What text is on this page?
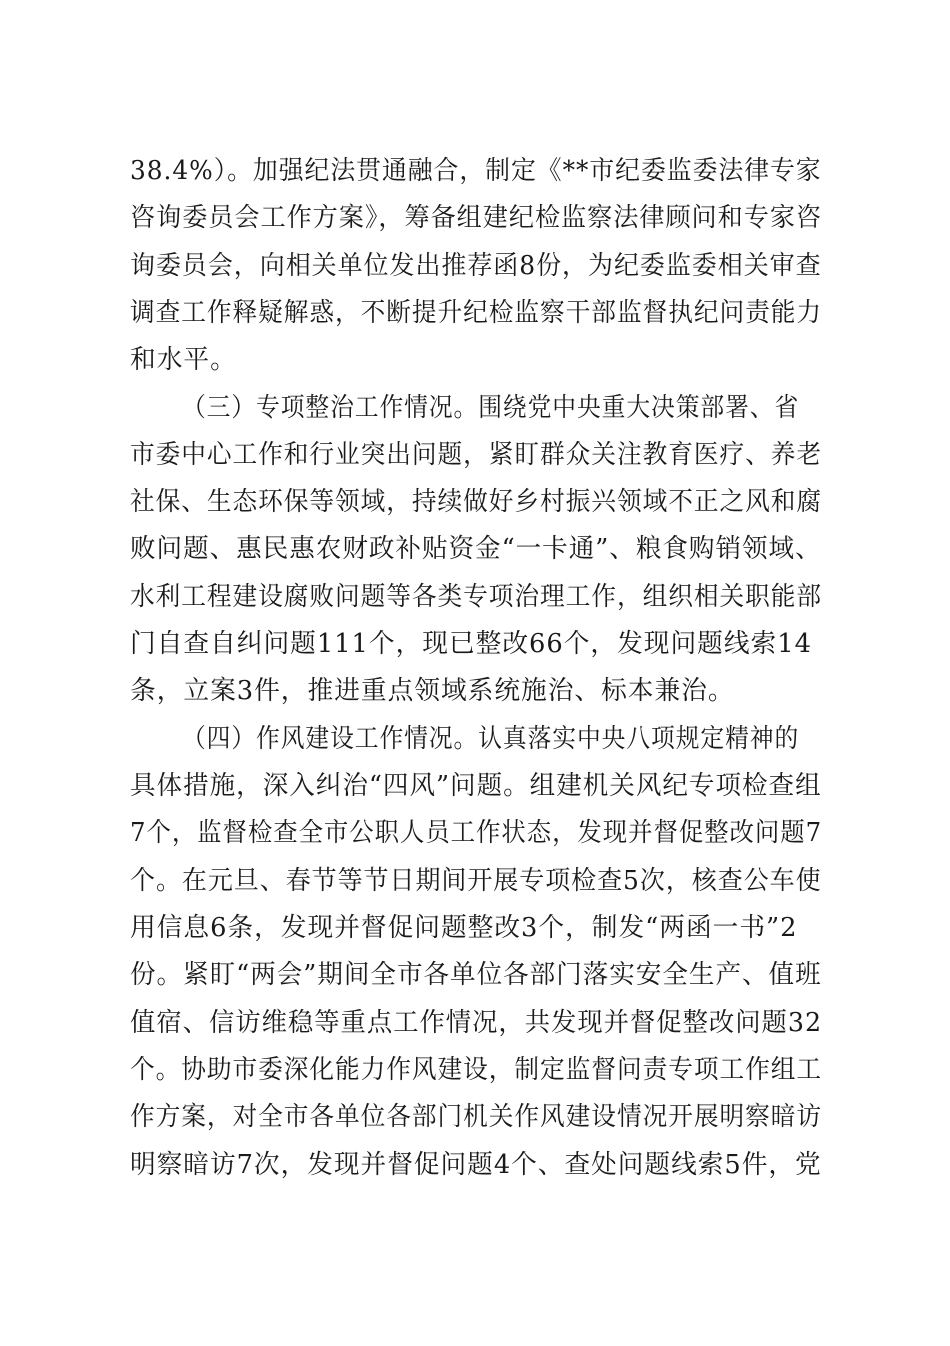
38.4%）。加强纪法贯通融合，制定《**市纪委监委法律专家
咨询委员会工作方案》，筹备组建纪检监察法律顾问和专家咨
询委员会，向相关单位发出推荐函8份，为纪委监委相关审查
调查工作释疑解惑，不断提升纪检监察干部监督执纪问责能力
和水平。
（三）专项整治工作情况。围绕党中央重大决策部署、省
市委中心工作和行业突出问题，紧盯群众关注教育医疗、养老
社保、生态环保等领域，持续做好乡村振兴领域不正之风和腐
败问题、惠民惠农财政补贴资金“一卡通”、粮食购销领域、
水利工程建设腐败问题等各类专项治理工作，组织相关职能部
门自查自纠问题111个，现已整改66个，发现问题线索14
条，立案3件，推进重点领域系统施治、标本兼治。
（四）作风建设工作情况。认真落实中央八项规定精神的
具体措施，深入纠治“四风”问题。组建机关风纪专项检查组
7个，监督检查全市公职人员工作状态，发现并督促整改问题7
个。在元旦、春节等节日期间开展专项检查5次，核查公车使
用信息6条，发现并督促问题整改3个，制发“两函一书”2
份。紧盯“两会”期间全市各单位各部门落实安全生产、值班
值宿、信访维稳等重点工作情况，共发现并督促整改问题32
个。协助市委深化能力作风建设，制定监督问责专项工作组工
作方案，对全市各单位各部门机关作风建设情况开展明察暗访
明察暗访7次，发现并督促问题4个、查处问题线索5件，党
